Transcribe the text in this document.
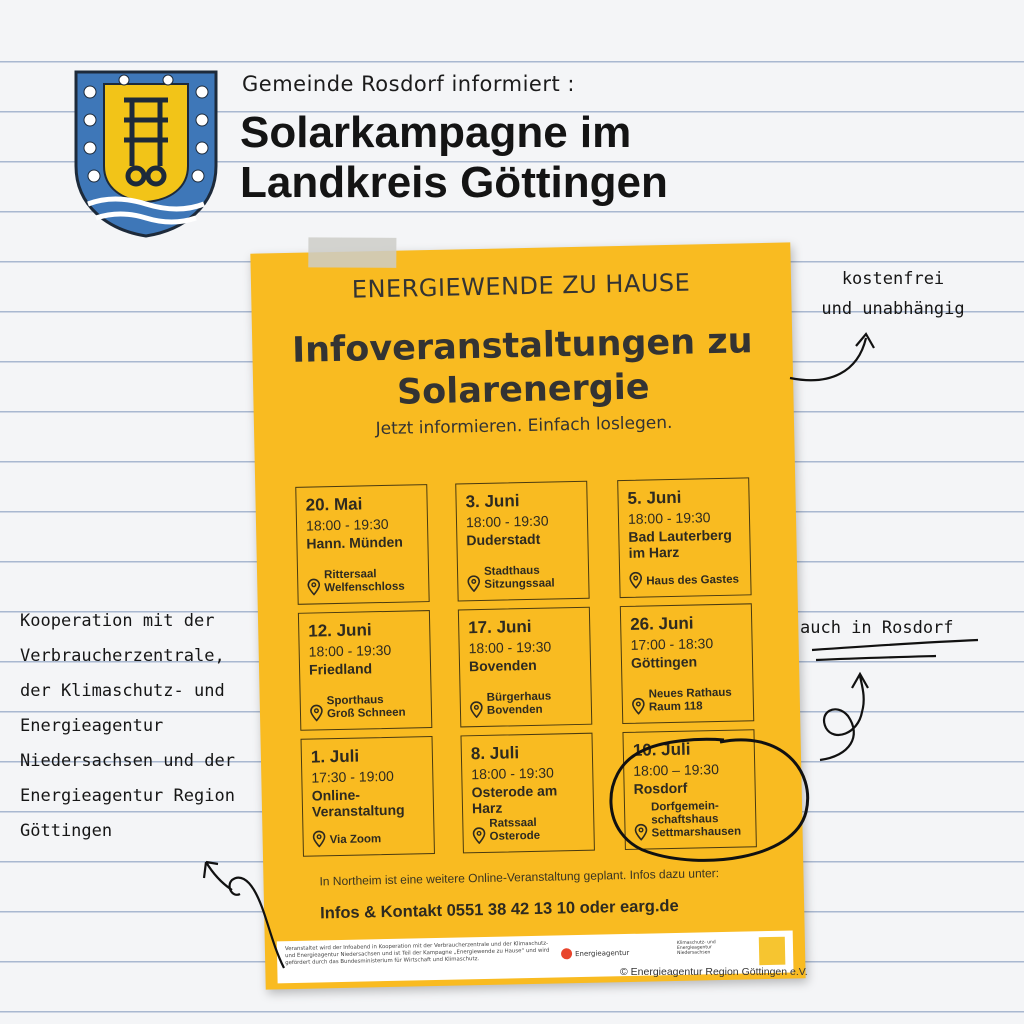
Gemeinde Rosdorf informiert :
Solarkampagne im
Landkreis Göttingen
ENERGIEWENDE ZU HAUSE
Infoveranstaltungen zu
Solarenergie
Jetzt informieren. Einfach loslegen.
20. Mai
18:00 - 19:30
Hann. Münden
Rittersaal
Welfenschloss
3. Juni
18:00 - 19:30
Duderstadt
Stadthaus
Sitzungssaal
5. Juni
18:00 - 19:30
Bad Lauterberg im Harz
Haus des Gastes
12. Juni
18:00 - 19:30
Friedland
Sporthaus
Groß Schneen
17. Juni
18:00 - 19:30
Bovenden
Bürgerhaus
Bovenden
26. Juni
17:00 - 18:30
Göttingen
Neues Rathaus
Raum 118
1. Juli
17:30 - 19:00
Online-Veranstaltung
Via Zoom
8. Juli
18:00 - 19:30
Osterode am Harz
Ratssaal
Osterode
10. Juli
18:00 – 19:30
Rosdorf
Dorfgemein-
schaftshaus
Settmarshausen
In Northeim ist eine weitere Online-Veranstaltung geplant. Infos dazu unter:
Infos & Kontakt 0551 38 42 13 10 oder earg.de
Veranstaltet wird der Infoabend in Kooperation mit der Verbraucherzentrale und der Klimaschutz- und Energieagentur Niedersachsen und ist Teil der Kampagne „Energiewende zu Hause“ und wird gefördert durch das Bundesministerium für Wirtschaft und Klimaschutz.
Energieagentur
Klimaschutz- und Energieagentur Niedersachsen
kostenfrei
und unabhängig
Kooperation mit der
Verbraucherzentrale,
der Klimaschutz- und
Energieagentur
Niedersachsen und der
Energieagentur Region
Göttingen
auch in Rosdorf
© Energieagentur Region Göttingen e.V.
